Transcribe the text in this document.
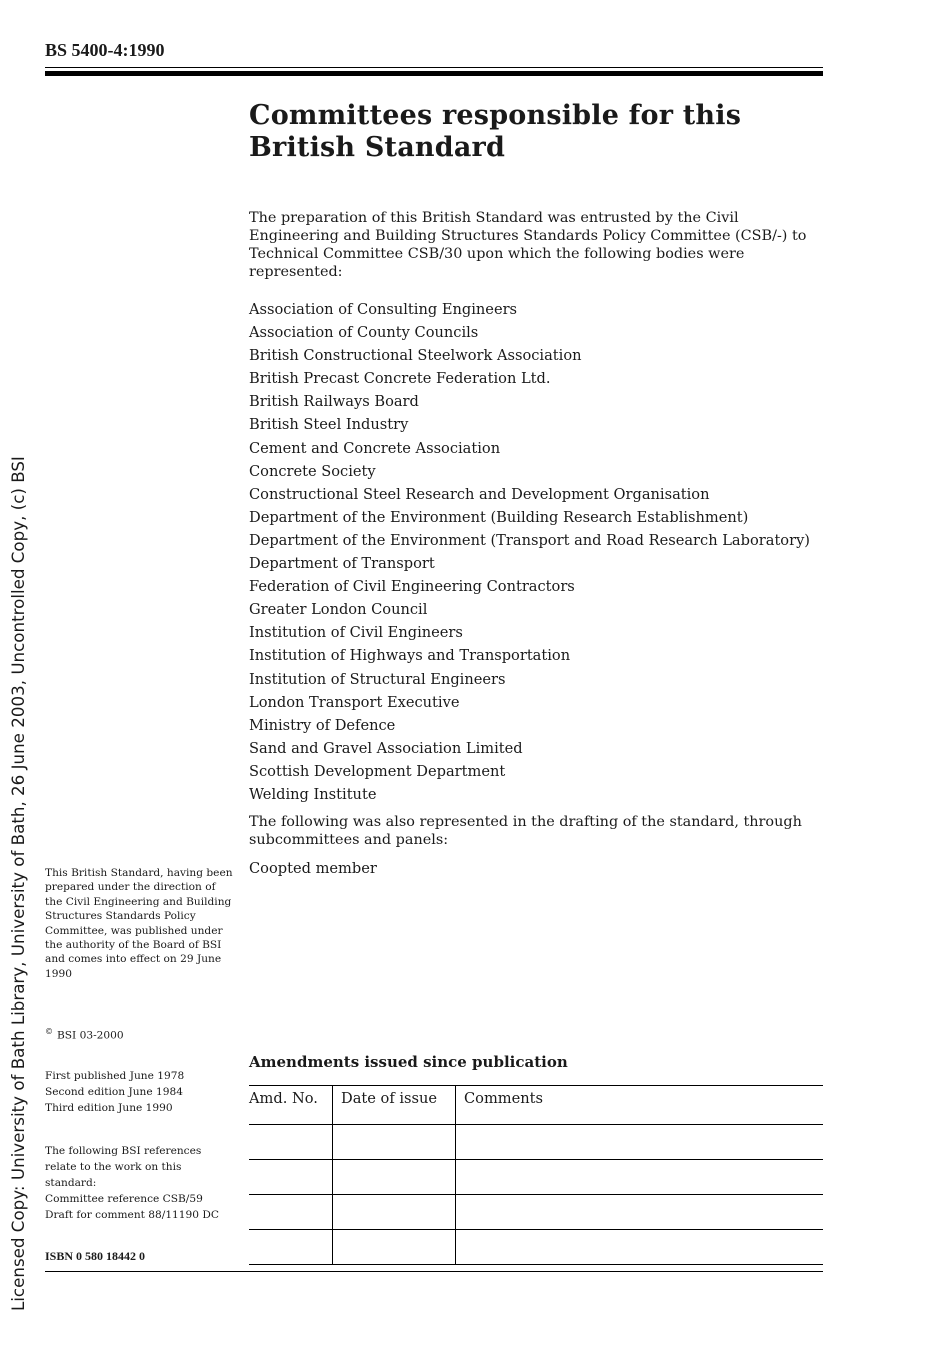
BS 5400-4:1990
Committees responsible for this British Standard

The preparation of this British Standard was entrusted by the Civil Engineering and Building Structures Standards Policy Committee (CSB/-) to Technical Committee CSB/30 upon which the following bodies were represented:

Association of Consulting Engineers
Association of County Councils
British Constructional Steelwork Association
British Precast Concrete Federation Ltd.
British Railways Board
British Steel Industry
Cement and Concrete Association
Concrete Society
Constructional Steel Research and Development Organisation
Department of the Environment (Building Research Establishment)
Department of the Environment (Transport and Road Research Laboratory)
Department of Transport
Federation of Civil Engineering Contractors
Greater London Council
Institution of Civil Engineers
Institution of Highways and Transportation
Institution of Structural Engineers
London Transport Executive
Ministry of Defence
Sand and Gravel Association Limited
Scottish Development Department
Welding Institute

The following was also represented in the drafting of the standard, through subcommittees and panels:

Coopted member

This British Standard, having been prepared under the direction of the Civil Engineering and Building Structures Standards Policy Committee, was published under the authority of the Board of BSI and comes into effect on 29 June 1990

© BSI 03-2000

First published June 1978
Second edition June 1984
Third edition June 1990
The following BSI references relate to the work on this standard:
Committee reference CSB/59
Draft for comment 88/11190 DC
ISBN 0 580 18442 0
Amendments issued since publication
Amd. No.	Date of issue	Comments

Licensed Copy: University of Bath Library, University of Bath, 26 June 2003, Uncontrolled Copy, (c) BSI
